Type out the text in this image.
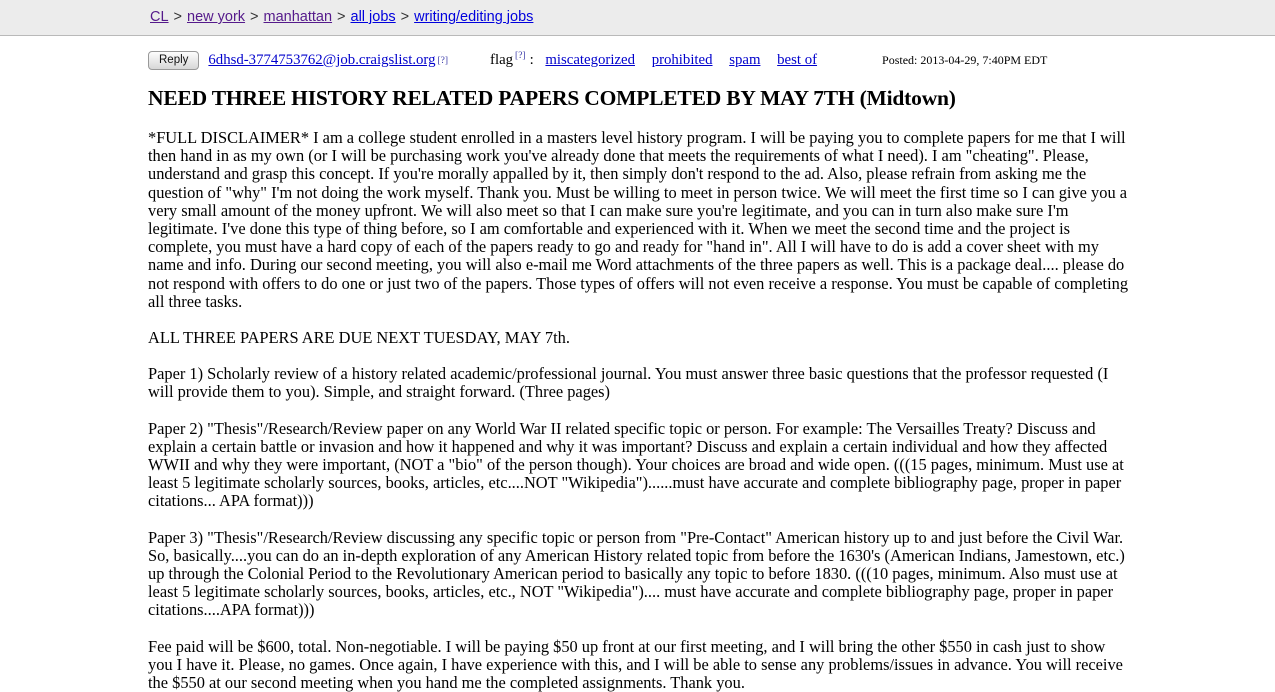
CL > new york > manhattan > all jobs > writing/editing jobs
Reply	6dhsd-3774753762@job.craigslist.org [?]	flag [?] : miscategorized prohibited spam best of	Posted: 2013-04-29, 7:40PM EDT
NEED THREE HISTORY RELATED PAPERS COMPLETED BY MAY 7TH (Midtown)

*FULL DISCLAIMER* I am a college student enrolled in a masters level history program. I will be paying you to complete papers for me that I will then hand in as my own (or I will be purchasing work you've already done that meets the requirements of what I need). I am "cheating". Please, understand and grasp this concept. If you're morally appalled by it, then simply don't respond to the ad. Also, please refrain from asking me the question of "why" I'm not doing the work myself. Thank you. Must be willing to meet in person twice. We will meet the first time so I can give you a very small amount of the money upfront. We will also meet so that I can make sure you're legitimate, and you can in turn also make sure I'm legitimate. I've done this type of thing before, so I am comfortable and experienced with it. When we meet the second time and the project is complete, you must have a hard copy of each of the papers ready to go and ready for "hand in". All I will have to do is add a cover sheet with my name and info. During our second meeting, you will also e-mail me Word attachments of the three papers as well. This is a package deal.... please do not respond with offers to do one or just two of the papers. Those types of offers will not even receive a response. You must be capable of completing all three tasks.

ALL THREE PAPERS ARE DUE NEXT TUESDAY, MAY 7th.

Paper 1) Scholarly review of a history related academic/professional journal. You must answer three basic questions that the professor requested (I will provide them to you). Simple, and straight forward. (Three pages)

Paper 2) "Thesis"/Research/Review paper on any World War II related specific topic or person. For example: The Versailles Treaty? Discuss and explain a certain battle or invasion and how it happened and why it was important? Discuss and explain a certain individual and how they affected WWII and why they were important, (NOT a "bio" of the person though). Your choices are broad and wide open. (((15 pages, minimum. Must use at least 5 legitimate scholarly sources, books, articles, etc....NOT "Wikipedia")......must have accurate and complete bibliography page, proper in paper citations... APA format)))

Paper 3) "Thesis"/Research/Review discussing any specific topic or person from "Pre-Contact" American history up to and just before the Civil War. So, basically....you can do an in-depth exploration of any American History related topic from before the 1630's (American Indians, Jamestown, etc.) up through the Colonial Period to the Revolutionary American period to basically any topic to before 1830. (((10 pages, minimum. Also must use at least 5 legitimate scholarly sources, books, articles, etc., NOT "Wikipedia").... must have accurate and complete bibliography page, proper in paper citations....APA format)))

Fee paid will be $600, total. Non-negotiable. I will be paying $50 up front at our first meeting, and I will bring the other $550 in cash just to show you I have it. Please, no games. Once again, I have experience with this, and I will be able to sense any problems/issues in advance. You will receive the $550 at our second meeting when you hand me the completed assignments. Thank you.
